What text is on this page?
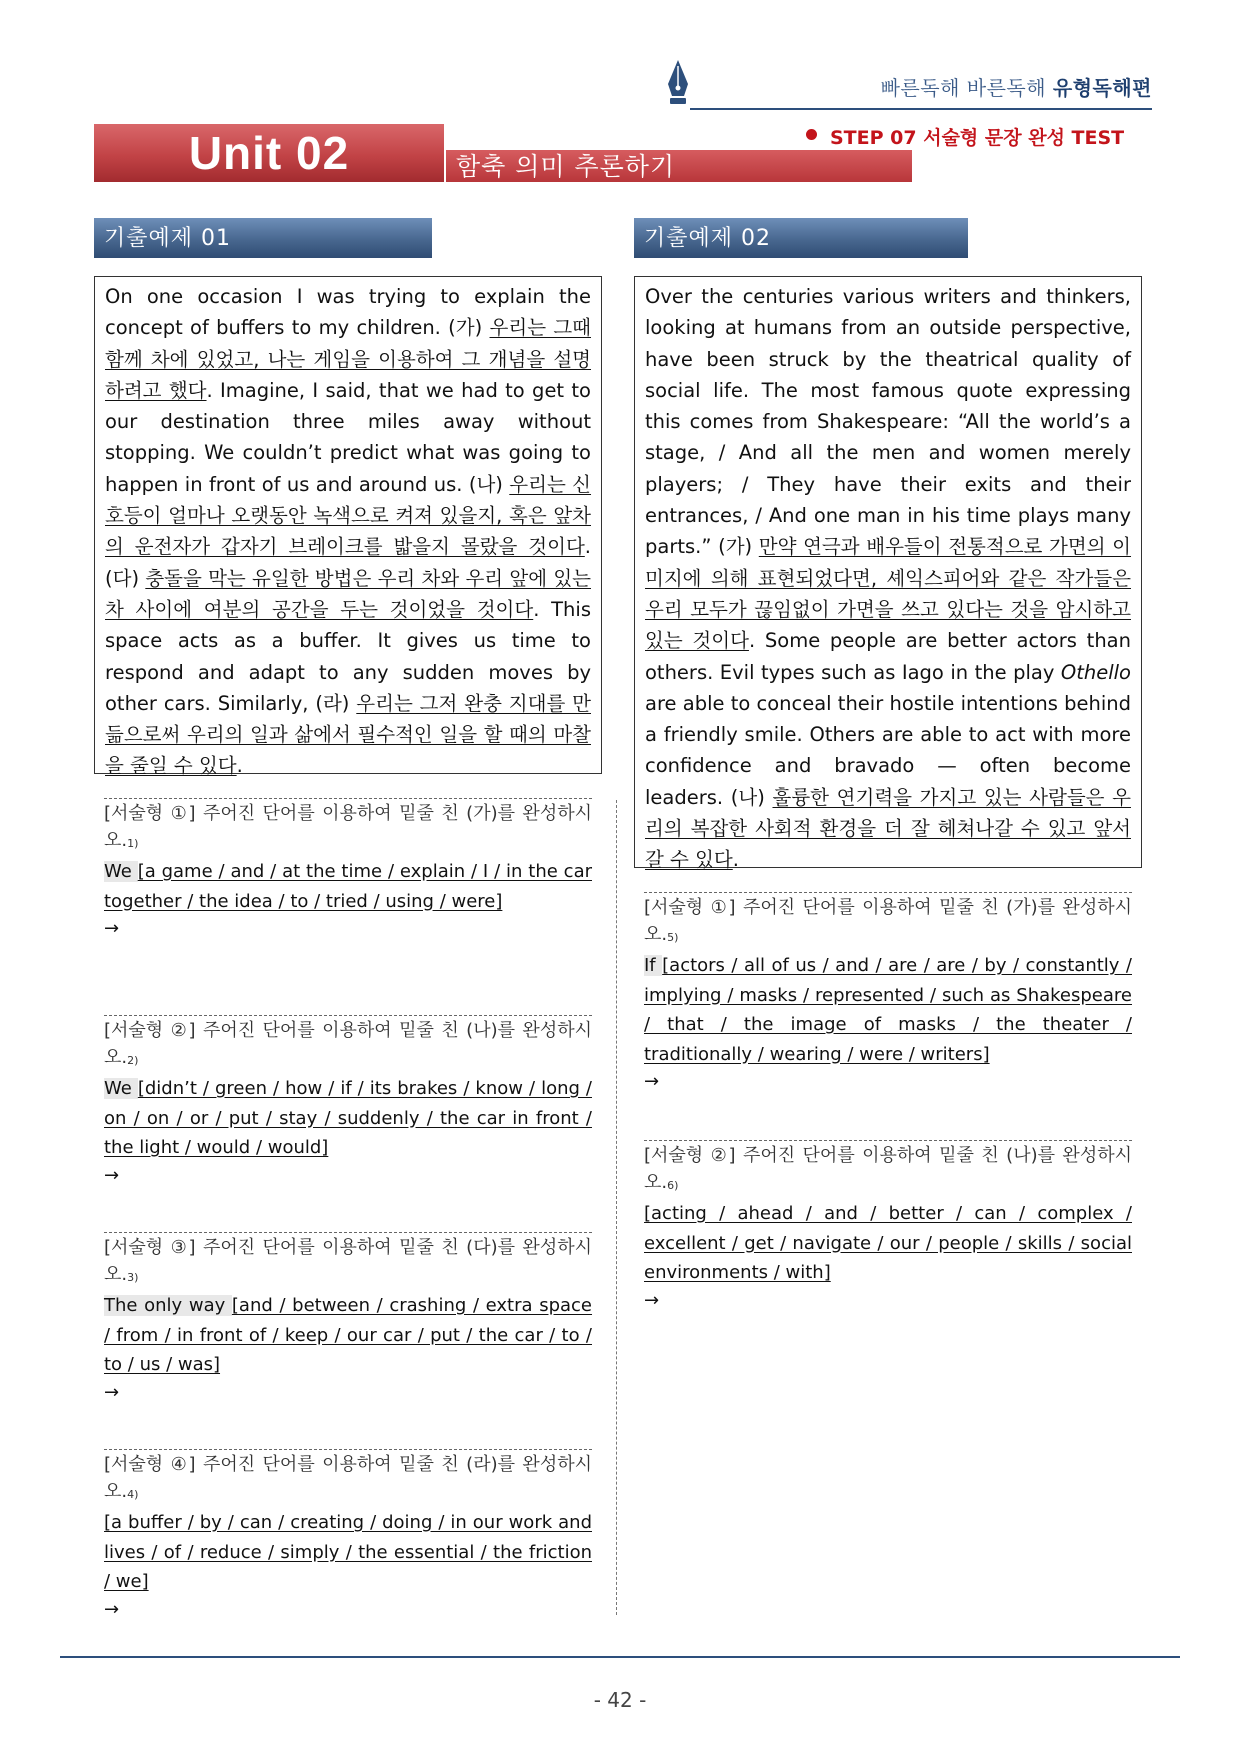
빠른독해 바른독해 유형독해편
Unit 02	함축 의미 추론하기
STEP 07 서술형 문장 완성 TEST
기출예제 01	기출예제 02
On one occasion I was trying to explain the concept of buffers to my children. (가) 우리는 그때 함께 차에 있었고, 나는 게임을 이용하여 그 개념을 설명하려고 했다. Imagine, I said, that we had to get to our destination three miles away without stopping. We couldn’t predict what was going to happen in front of us and around us. (나) 우리는 신호등이 얼마나 오랫동안 녹색으로 켜져 있을지, 혹은 앞차의 운전자가 갑자기 브레이크를 밟을지 몰랐을 것이다. (다) 충돌을 막는 유일한 방법은 우리 차와 우리 앞에 있는 차 사이에 여분의 공간을 두는 것이었을 것이다. This space acts as a buffer. It gives us time to respond and adapt to any sudden moves by other cars. Similarly, (라) 우리는 그저 완충 지대를 만듦으로써 우리의 일과 삶에서 필수적인 일을 할 때의 마찰을 줄일 수 있다.
Over the centuries various writers and thinkers, looking at humans from an outside perspective, have been struck by the theatrical quality of social life. The most famous quote expressing this comes from Shakespeare: “All the world’s a stage, / And all the men and women merely players; / They have their exits and their entrances, / And one man in his time plays many parts.” (가) 만약 연극과 배우들이 전통적으로 가면의 이미지에 의해 표현되었다면, 셰익스피어와 같은 작가들은 우리 모두가 끊임없이 가면을 쓰고 있다는 것을 암시하고 있는 것이다. Some people are better actors than others. Evil types such as Iago in the play Othello are able to conceal their hostile intentions behind a friendly smile. Others are able to act with more confidence and bravado — often become leaders. (나) 훌륭한 연기력을 가지고 있는 사람들은 우리의 복잡한 사회적 환경을 더 잘 헤쳐나갈 수 있고 앞서갈 수 있다.
[서술형 ①] 주어진 단어를 이용하여 밑줄 친 (가)를 완성하시오$._{1)}$
We [a game / and / at the time / explain / I / in the car together / the idea / to / tried / using / were]
→
[서술형 ②] 주어진 단어를 이용하여 밑줄 친 (나)를 완성하시오$._{2)}$
We [didn’t / green / how / if / its brakes / know / long / on / on / or / put / stay / suddenly / the car in front / the light / would / would]
→
[서술형 ③] 주어진 단어를 이용하여 밑줄 친 (다)를 완성하시오$._{3)}$
The only way [and / between / crashing / extra space / from / in front of / keep / our car / put / the car / to / to / us / was]
→
[서술형 ④] 주어진 단어를 이용하여 밑줄 친 (라)를 완성하시오$._{4)}$
[a buffer / by / can / creating / doing / in our work and lives / of / reduce / simply / the essential / the friction / we]
→
[서술형 ①] 주어진 단어를 이용하여 밑줄 친 (가)를 완성하시오$._{5)}$
If [actors / all of us / and / are / are / by / constantly / implying / masks / represented / such as Shakespeare / that / the image of masks / the theater / traditionally / wearing / were / writers]
→
[서술형 ②] 주어진 단어를 이용하여 밑줄 친 (나)를 완성하시오$._{6)}$
[acting / ahead / and / better / can / complex / excellent / get / navigate / our / people / skills / social environments / with]
→
- 42 -
